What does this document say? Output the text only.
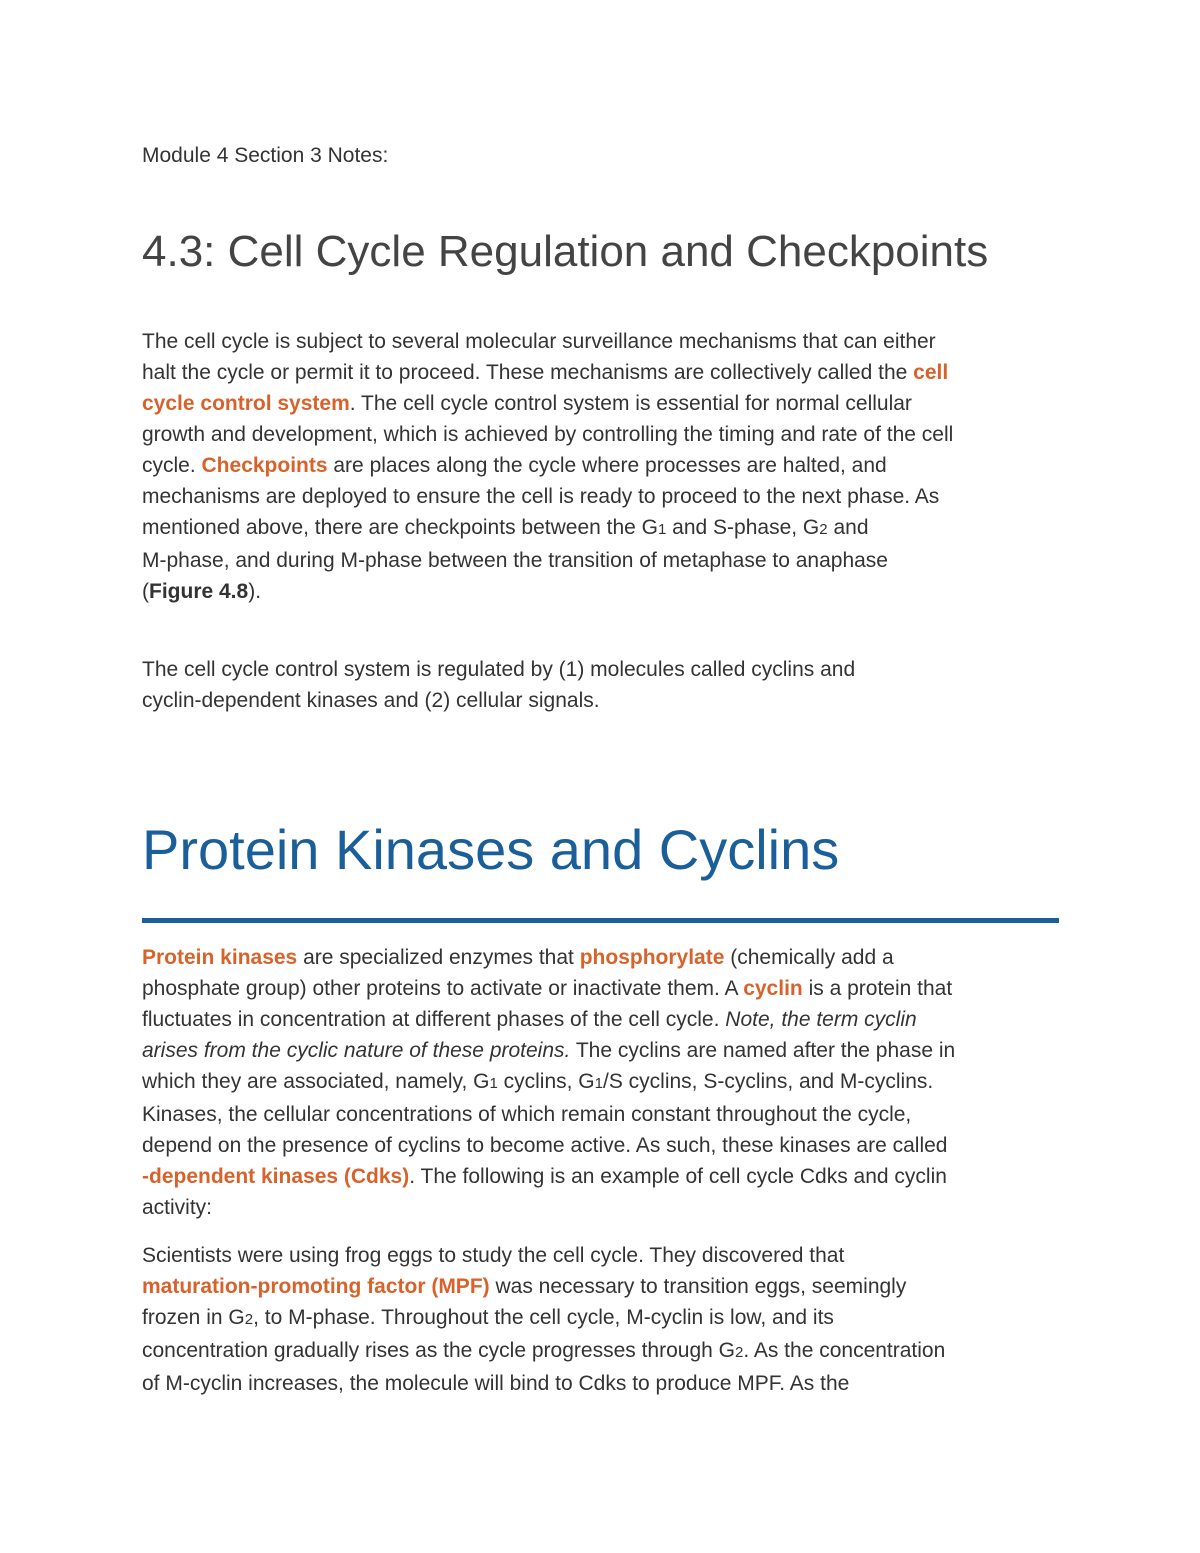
Module 4 Section 3 Notes:
4.3: Cell Cycle Regulation and Checkpoints
The cell cycle is subject to several molecular surveillance mechanisms that can either
halt the cycle or permit it to proceed. These mechanisms are collectively called the cell
cycle control system. The cell cycle control system is essential for normal cellular
growth and development, which is achieved by controlling the timing and rate of the cell
cycle. Checkpoints are places along the cycle where processes are halted, and
mechanisms are deployed to ensure the cell is ready to proceed to the next phase. As
mentioned above, there are checkpoints between the G1 and S-phase, G2 and
M-phase, and during M-phase between the transition of metaphase to anaphase
(Figure 4.8).
The cell cycle control system is regulated by (1) molecules called cyclins and
cyclin-dependent kinases and (2) cellular signals.
Protein Kinases and Cyclins
Protein kinases are specialized enzymes that phosphorylate (chemically add a
phosphate group) other proteins to activate or inactivate them. A cyclin is a protein that
fluctuates in concentration at different phases of the cell cycle. Note, the term cyclin
arises from the cyclic nature of these proteins. The cyclins are named after the phase in
which they are associated, namely, G1 cyclins, G1/S cyclins, S-cyclins, and M-cyclins.
Kinases, the cellular concentrations of which remain constant throughout the cycle,
depend on the presence of cyclins to become active. As such, these kinases are called
-dependent kinases (Cdks). The following is an example of cell cycle Cdks and cyclin
activity:
Scientists were using frog eggs to study the cell cycle. They discovered that
maturation-promoting factor (MPF) was necessary to transition eggs, seemingly
frozen in G2, to M-phase. Throughout the cell cycle, M-cyclin is low, and its
concentration gradually rises as the cycle progresses through G2. As the concentration
of M-cyclin increases, the molecule will bind to Cdks to produce MPF. As the
